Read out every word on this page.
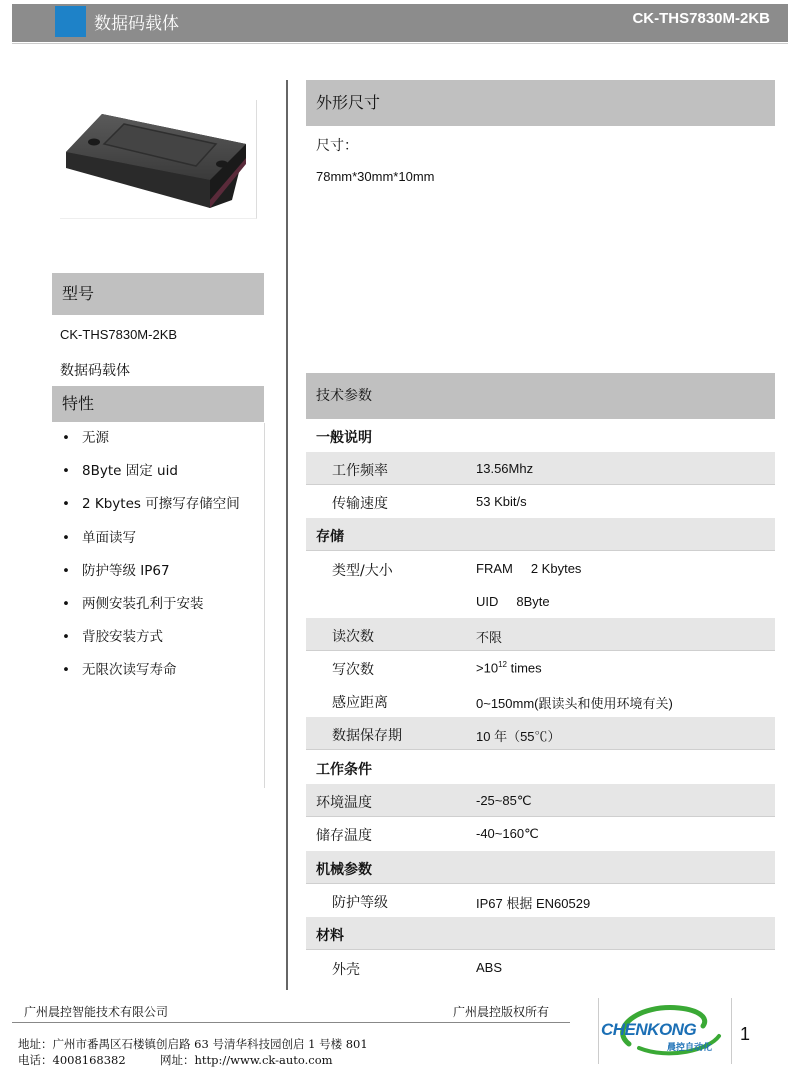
数据码载体	CK-THS7830M-2KB
型号
CK-THS7830M-2KB
数据码载体
特性
• 无源
• 8Byte 固定 uid
• 2 Kbytes 可擦写存储空间
• 单面读写
• 防护等级 IP67
• 两侧安装孔利于安装
• 背胶安装方式
• 无限次读写寿命
外形尺寸
尺寸：
78mm*30mm*10mm
技术参数
一般说明
工作频率	13.56Mhz
传输速度	53 Kbit/s
存储
类型/大小	FRAM 2 Kbytes
UID 8Byte
读次数	不限
写次数	$>10^{12}$ times
感应距离	0~150mm(跟读头和使用环境有关)
数据保存期	10 年（55℃）
工作条件
环境温度	-25~85℃
储存温度	-40~160℃
机械参数
防护等级	IP67 根据 EN60529
材料
外壳	ABS
广州晨控智能技术有限公司	广州晨控版权所有
地址：广州市番禺区石楼镇创启路 63 号清华科技园创启 1 号楼 801
电话：4008168382	网址：http://www.ck-auto.com
CHENKONG
晨控自动化
1
